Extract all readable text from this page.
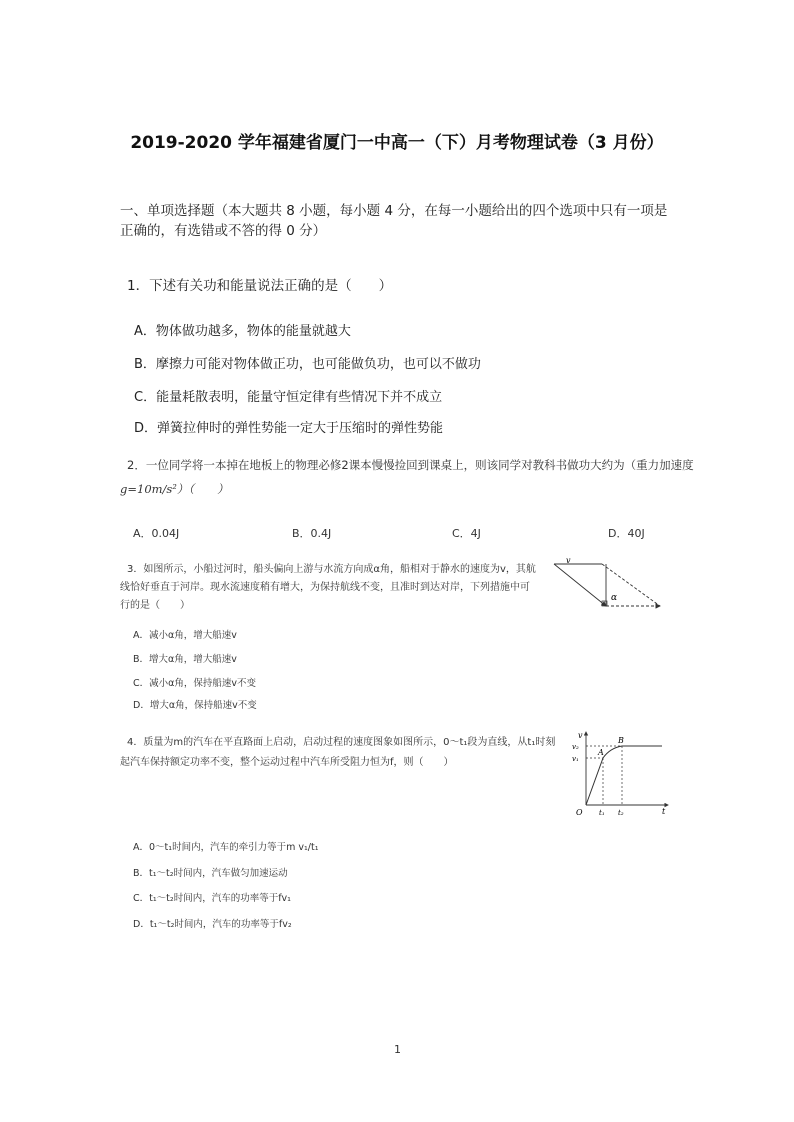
2019-2020 学年福建省厦门一中高一（下）月考物理试卷（3 月份）
一、单项选择题（本大题共 8 小题，每小题 4 分，在每一小题给出的四个选项中只有一项是
正确的，有选错或不答的得 0 分）
1．下述有关功和能量说法正确的是（　　）
A．物体做功越多，物体的能量就越大
B．摩擦力可能对物体做正功，也可能做负功，也可以不做功
C．能量耗散表明，能量守恒定律有些情况下并不成立
D．弹簧拉伸时的弹性势能一定大于压缩时的弹性势能
2．一位同学将一本掉在地板上的物理必修2课本慢慢捡回到课桌上，则该同学对教科书做功大约为（重力加速度
g=10m/s²）（　　）
A．0.04J	B．0.4J	C．4J	D．40J
3．如图所示，小船过河时，船头偏向上游与水流方向成α角，船相对于静水的速度为v，其航
线恰好垂直于河岸。现水流速度稍有增大，为保持航线不变，且准时到达对岸，下列措施中可
行的是（　　）
v
α
A．减小α角，增大船速v
B．增大α角，增大船速v
C．减小α角，保持船速v不变
D．增大α角，保持船速v不变
4．质量为m的汽车在平直路面上启动，启动过程的速度图象如图所示，0～t₁段为直线，从t₁时刻
起汽车保持额定功率不变，整个运动过程中汽车所受阻力恒为f，则（　　）
v
t
O
v₁
v₂
t₁ t₂
A
B
A．0～t₁时间内，汽车的牵引力等于m v₁/t₁
B．t₁～t₂时间内，汽车做匀加速运动
C．t₁～t₂时间内，汽车的功率等于fv₁
D．t₁～t₂时间内，汽车的功率等于fv₂
1
